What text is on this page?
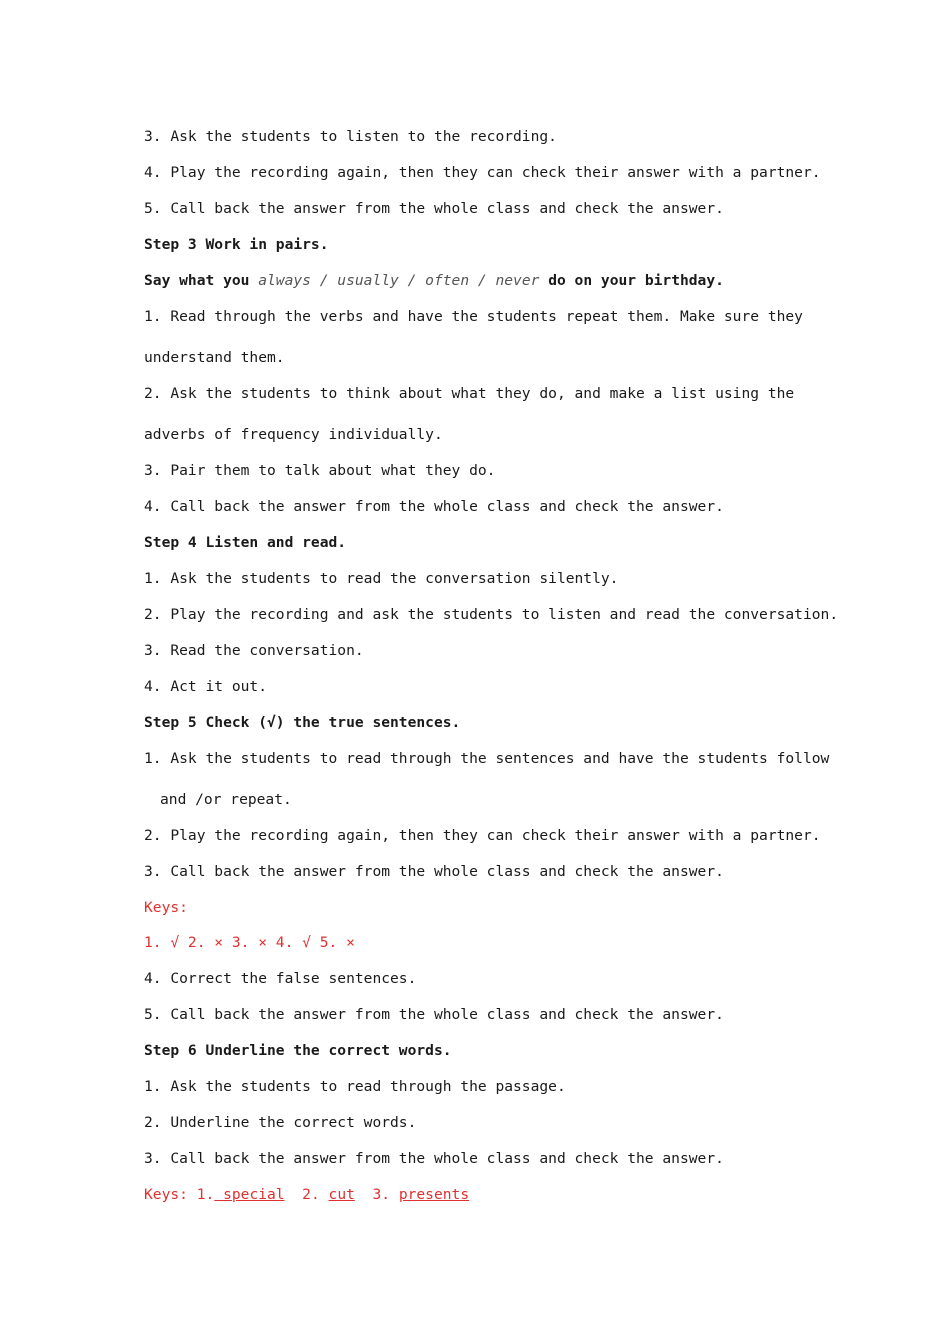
3. Ask the students to listen to the recording.
4. Play the recording again, then they can check their answer with a partner.
5. Call back the answer from the whole class and check the answer.
Step 3 Work in pairs.
Say what you always / usually / often / never do on your birthday.
1. Read through the verbs and have the students repeat them. Make sure they
understand them.
2. Ask the students to think about what they do, and make a list using the
adverbs of frequency individually.
3. Pair them to talk about what they do.
4. Call back the answer from the whole class and check the answer.
Step 4 Listen and read.
1. Ask the students to read the conversation silently.
2. Play the recording and ask the students to listen and read the conversation.
3. Read the conversation.
4. Act it out.
Step 5 Check (√) the true sentences.
1. Ask the students to read through the sentences and have the students follow
and /or repeat.
2. Play the recording again, then they can check their answer with a partner.
3. Call back the answer from the whole class and check the answer.
Keys:
1. √ 2. × 3. × 4. √ 5. ×
4. Correct the false sentences.
5. Call back the answer from the whole class and check the answer.
Step 6 Underline the correct words.
1. Ask the students to read through the passage.
2. Underline the correct words.
3. Call back the answer from the whole class and check the answer.
Keys: 1. special  2. cut  3. presents
